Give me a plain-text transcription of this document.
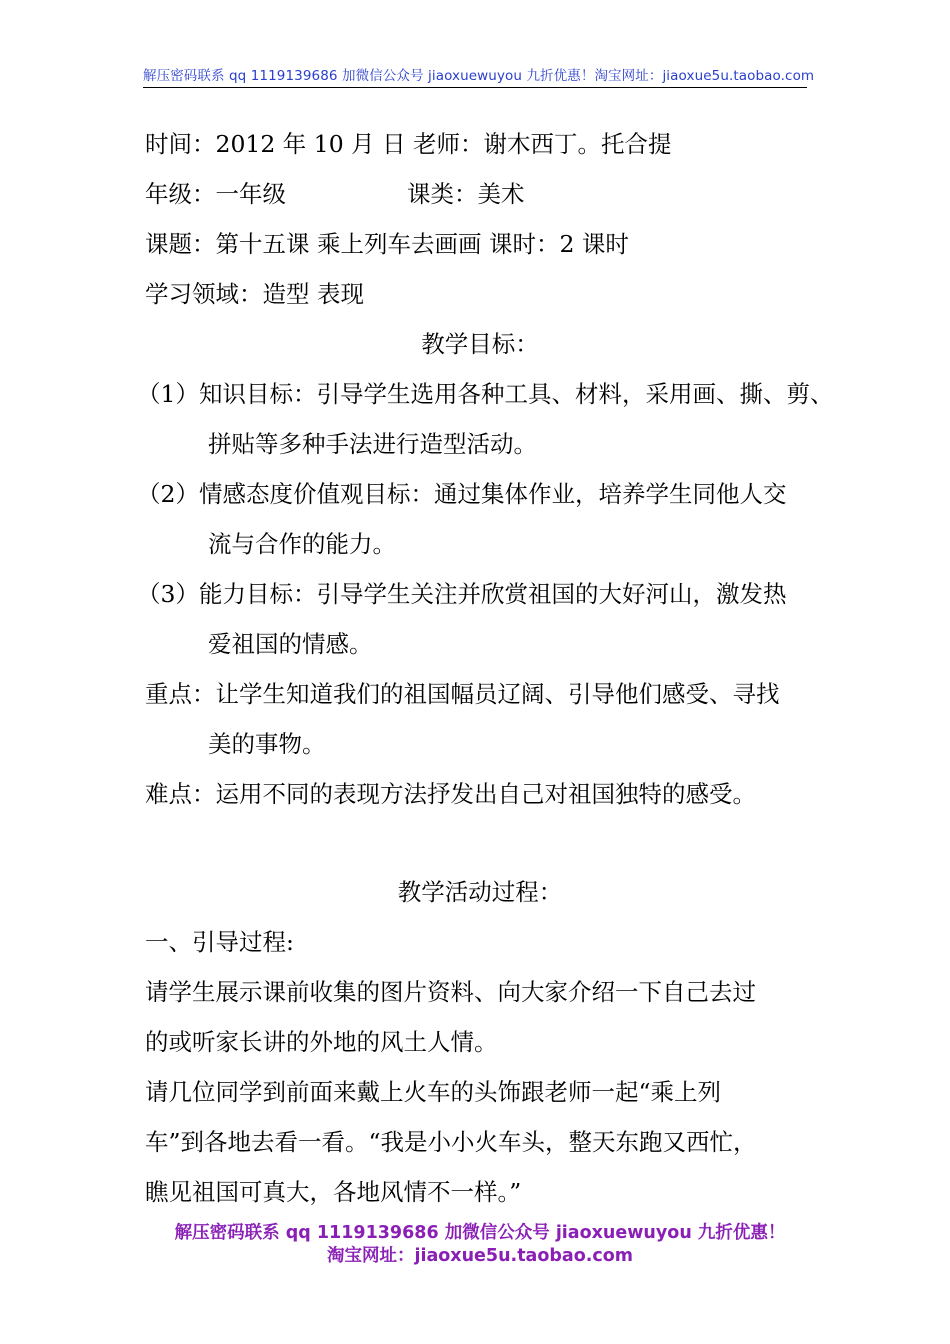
解压密码联系 qq 1119139686 加微信公众号 jiaoxuewuyou 九折优惠！淘宝网址：jiaoxue5u.taobao.com
时间：2012 年 10 月 日 老师：谢木西丁。托合提
年级：一年级	课类：美术
课题：第十五课 乘上列车去画画 课时：2 课时
学习领域：造型 表现
教学目标：
（1）知识目标：引导学生选用各种工具、材料，采用画、撕、剪、
拼贴等多种手法进行造型活动。
（2）情感态度价值观目标：通过集体作业，培养学生同他人交
流与合作的能力。
（3）能力目标：引导学生关注并欣赏祖国的大好河山，激发热
爱祖国的情感。
重点：让学生知道我们的祖国幅员辽阔、引导他们感受、寻找
美的事物。
难点：运用不同的表现方法抒发出自己对祖国独特的感受。
教学活动过程：
一、引导过程:
请学生展示课前收集的图片资料、向大家介绍一下自己去过
的或听家长讲的外地的风土人情。
请几位同学到前面来戴上火车的头饰跟老师一起“乘上列
车”到各地去看一看。“我是小小火车头，整天东跑又西忙，
瞧见祖国可真大，各地风情不一样。”
解压密码联系 qq 1119139686 加微信公众号 jiaoxuewuyou 九折优惠！
淘宝网址：jiaoxue5u.taobao.com
